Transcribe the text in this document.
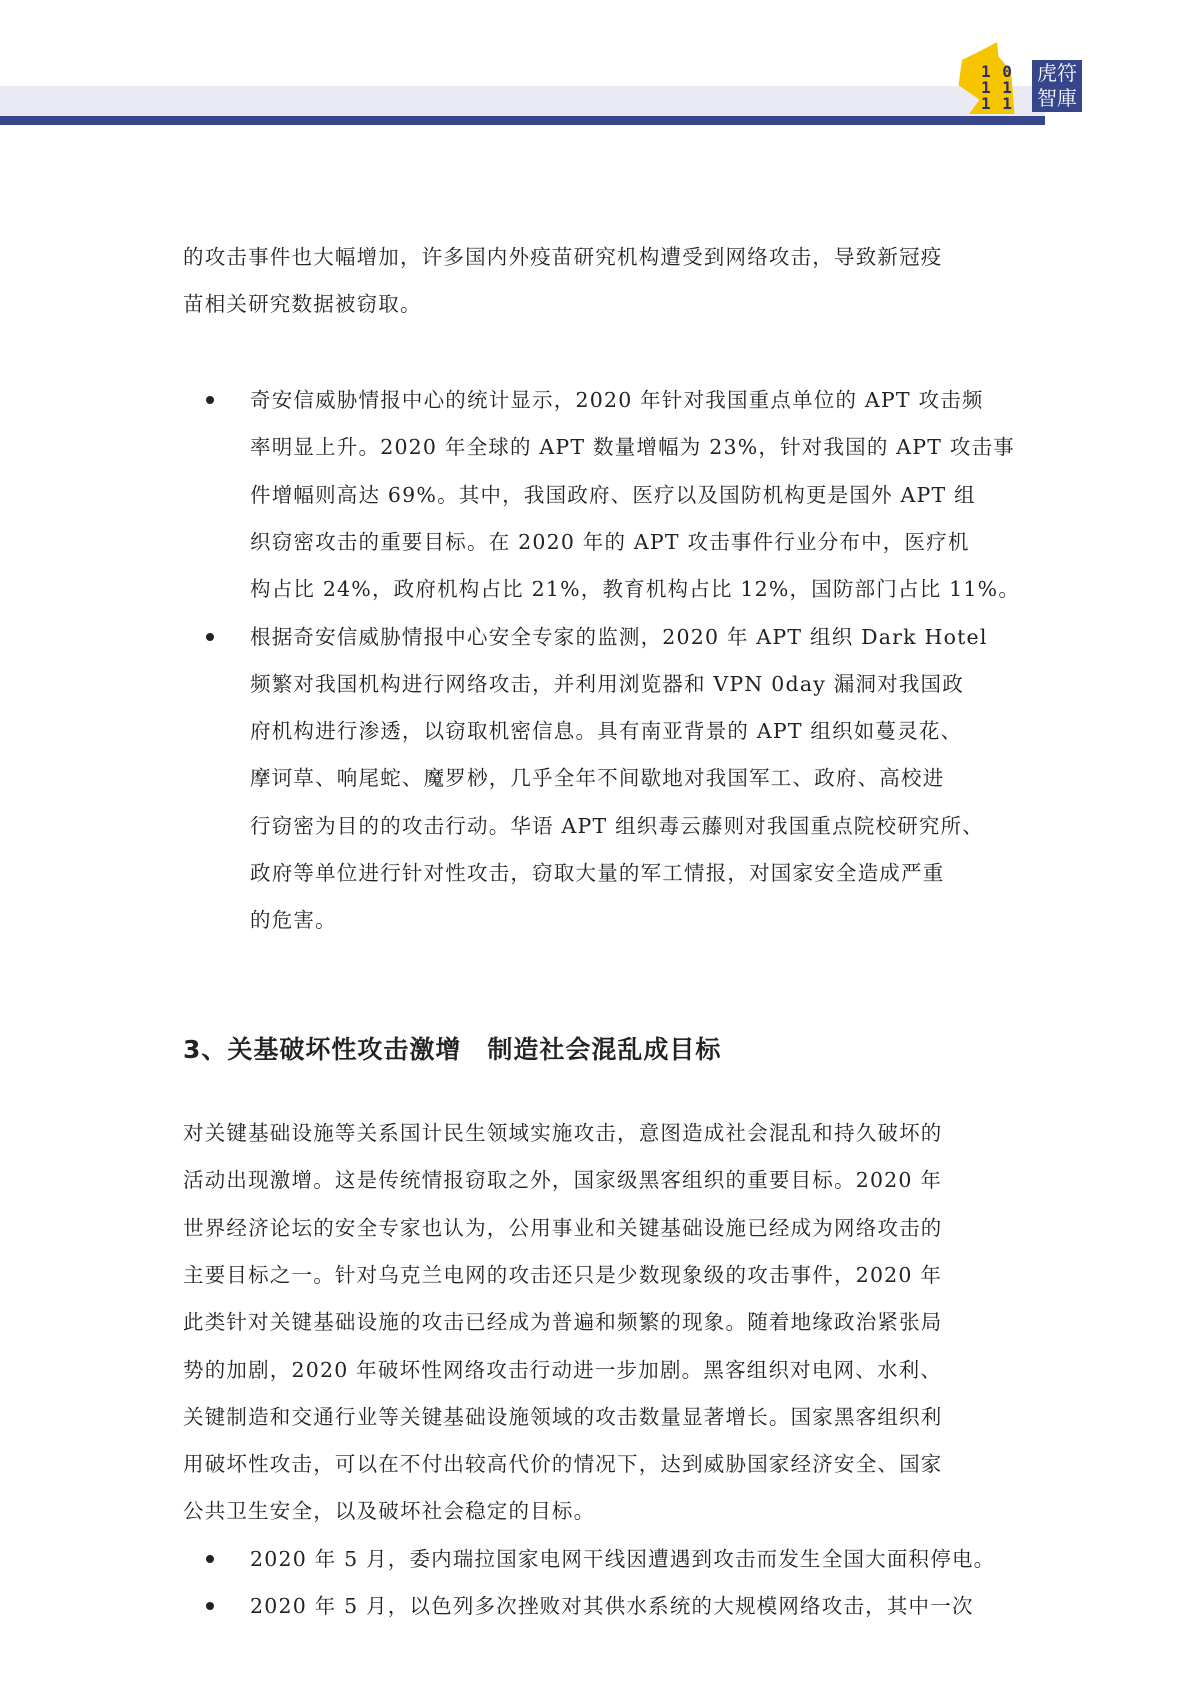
1 0
1 1
1 1
虎符
智庫
的攻击事件也大幅增加，许多国内外疫苗研究机构遭受到网络攻击，导致新冠疫
苗相关研究数据被窃取。
奇安信威胁情报中心的统计显示，2020 年针对我国重点单位的 APT 攻击频
率明显上升。2020 年全球的 APT 数量增幅为 23%，针对我国的 APT 攻击事
件增幅则高达 69%。其中，我国政府、医疗以及国防机构更是国外 APT 组
织窃密攻击的重要目标。在 2020 年的 APT 攻击事件行业分布中，医疗机
构占比 24%，政府机构占比 21%，教育机构占比 12%，国防部门占比 11%。
根据奇安信威胁情报中心安全专家的监测，2020 年 APT 组织 Dark Hotel
频繁对我国机构进行网络攻击，并利用浏览器和 VPN 0day 漏洞对我国政
府机构进行渗透，以窃取机密信息。具有南亚背景的 APT 组织如蔓灵花、
摩诃草、响尾蛇、魔罗桫，几乎全年不间歇地对我国军工、政府、高校进
行窃密为目的的攻击行动。华语 APT 组织毒云藤则对我国重点院校研究所、
政府等单位进行针对性攻击，窃取大量的军工情报，对国家安全造成严重
的危害。
对关键基础设施等关系国计民生领域实施攻击，意图造成社会混乱和持久破坏的
活动出现激增。这是传统情报窃取之外，国家级黑客组织的重要目标。2020 年
世界经济论坛的安全专家也认为，公用事业和关键基础设施已经成为网络攻击的
主要目标之一。针对乌克兰电网的攻击还只是少数现象级的攻击事件，2020 年
此类针对关键基础设施的攻击已经成为普遍和频繁的现象。随着地缘政治紧张局
势的加剧，2020 年破坏性网络攻击行动进一步加剧。黑客组织对电网、水利、
关键制造和交通行业等关键基础设施领域的攻击数量显著增长。国家黑客组织利
用破坏性攻击，可以在不付出较高代价的情况下，达到威胁国家经济安全、国家
公共卫生安全，以及破坏社会稳定的目标。
2020 年 5 月，委内瑞拉国家电网干线因遭遇到攻击而发生全国大面积停电。
2020 年 5 月，以色列多次挫败对其供水系统的大规模网络攻击，其中一次
3、关基破坏性攻击激增　制造社会混乱成目标
